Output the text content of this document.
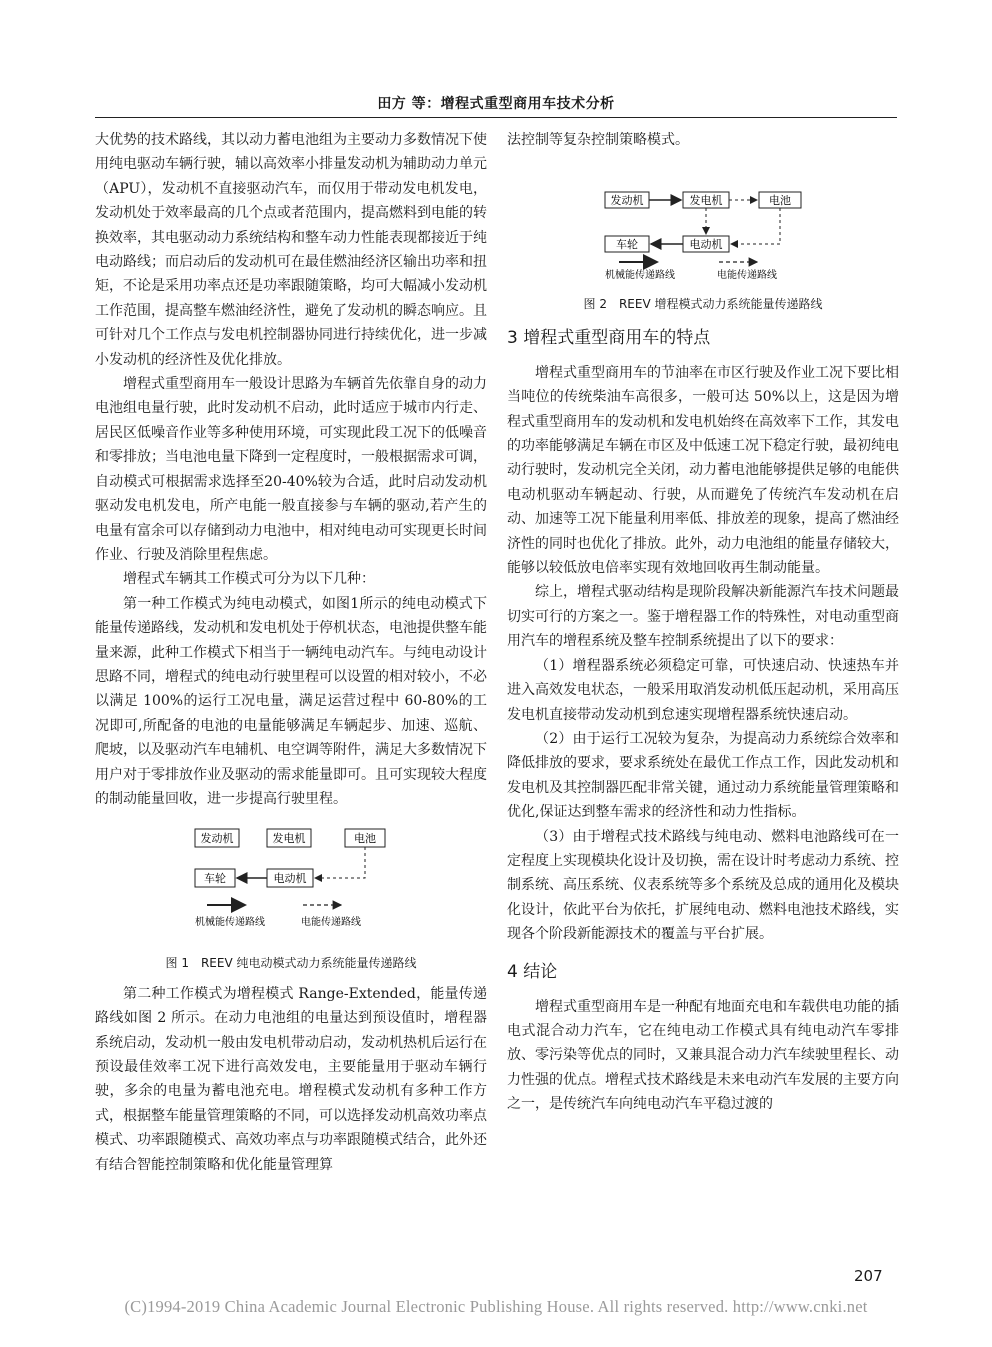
田方 等：增程式重型商用车技术分析

大优势的技术路线，其以动力蓄电池组为主要动力多数情况下使用纯电驱动车辆行驶，辅以高效率小排量发动机为辅助动力单元（APU），发动机不直接驱动汽车，而仅用于带动发电机发电，发动机处于效率最高的几个点或者范围内，提高燃料到电能的转换效率，其电驱动动力系统结构和整车动力性能表现都接近于纯电动路线；而启动后的发动机可在最佳燃油经济区输出功率和扭矩，不论是采用功率点还是功率跟随策略，均可大幅减小发动机工作范围，提高整车燃油经济性，避免了发动机的瞬态响应。且可针对几个工作点与发电机控制器协同进行持续优化，进一步减小发动机的经济性及优化排放。

增程式重型商用车一般设计思路为车辆首先依靠自身的动力电池组电量行驶，此时发动机不启动，此时适应于城市内行走、居民区低噪音作业等多种使用环境，可实现此段工况下的低噪音和零排放；当电池电量下降到一定程度时，一般根据需求可调，自动模式可根据需求选择至20-40%较为合适，此时启动发动机驱动发电机发电，所产电能一般直接参与车辆的驱动,若产生的电量有富余可以存储到动力电池中，相对纯电动可实现更长时间作业、行驶及消除里程焦虑。

增程式车辆其工作模式可分为以下几种：

第一种工作模式为纯电动模式，如图1所示的纯电动模式下能量传递路线，发动机和发电机处于停机状态，电池提供整车能量来源，此种工作模式下相当于一辆纯电动汽车。与纯电动设计思路不同，增程式的纯电动行驶里程可以设置的相对较小，不必以满足 100%的运行工况电量，满足运营过程中 60-80%的工况即可,所配备的电池的电量能够满足车辆起步、加速、巡航、爬坡，以及驱动汽车电辅机、电空调等附件，满足大多数情况下用户对于零排放作业及驱动的需求能量即可。且可实现较大程度的制动能量回收，进一步提高行驶里程。

发动机	发电机	电池
车轮	电动机
机械能传递路线	电能传递路线
图 1　REEV 纯电动模式动力系统能量传递路线

第二种工作模式为增程模式 Range-Extended，能量传递路线如图 2 所示。在动力电池组的电量达到预设值时，增程器系统启动，发动机一般由发电机带动启动，发动机热机后运行在预设最佳效率工况下进行高效发电，主要能量用于驱动车辆行驶，多余的电量为蓄电池充电。增程模式发动机有多种工作方式，根据整车能量管理策略的不同，可以选择发动机高效功率点模式、功率跟随模式、高效功率点与功率跟随模式结合，此外还有结合智能控制策略和优化能量管理算

法控制等复杂控制策略模式。

发动机	发电机	电池
车轮	电动机
机械能传递路线	电能传递路线
图 2　REEV 增程模式动力系统能量传递路线
3 增程式重型商用车的特点

增程式重型商用车的节油率在市区行驶及作业工况下要比相当吨位的传统柴油车高很多，一般可达 50%以上，这是因为增程式重型商用车的发动机和发电机始终在高效率下工作，其发电的功率能够满足车辆在市区及中低速工况下稳定行驶，最初纯电动行驶时，发动机完全关闭，动力蓄电池能够提供足够的电能供电动机驱动车辆起动、行驶，从而避免了传统汽车发动机在启动、加速等工况下能量利用率低、排放差的现象，提高了燃油经济性的同时也优化了排放。此外，动力电池组的能量存储较大，能够以较低放电倍率实现有效地回收再生制动能量。

综上，增程式驱动结构是现阶段解决新能源汽车技术问题最切实可行的方案之一。鉴于增程器工作的特殊性，对电动重型商用汽车的增程系统及整车控制系统提出了以下的要求：

（1）增程器系统必须稳定可靠，可快速启动、快速热车并进入高效发电状态，一般采用取消发动机低压起动机，采用高压发电机直接带动发动机到怠速实现增程器系统快速启动。

（2）由于运行工况较为复杂，为提高动力系统综合效率和降低排放的要求，要求系统处在最优工作点工作，因此发动机和发电机及其控制器匹配非常关键，通过动力系统能量管理策略和优化,保证达到整车需求的经济性和动力性指标。

（3）由于增程式技术路线与纯电动、燃料电池路线可在一定程度上实现模块化设计及切换，需在设计时考虑动力系统、控制系统、高压系统、仪表系统等多个系统及总成的通用化及模块化设计，依此平台为依托，扩展纯电动、燃料电池技术路线，实现各个阶段新能源技术的覆盖与平台扩展。

4 结论

增程式重型商用车是一种配有地面充电和车载供电功能的插电式混合动力汽车，它在纯电动工作模式具有纯电动汽车零排放、零污染等优点的同时，又兼具混合动力汽车续驶里程长、动力性强的优点。增程式技术路线是未来电动汽车发展的主要方向之一，是传统汽车向纯电动汽车平稳过渡的

207
(C)1994-2019 China Academic Journal Electronic Publishing House. All rights reserved. http://www.cnki.net
